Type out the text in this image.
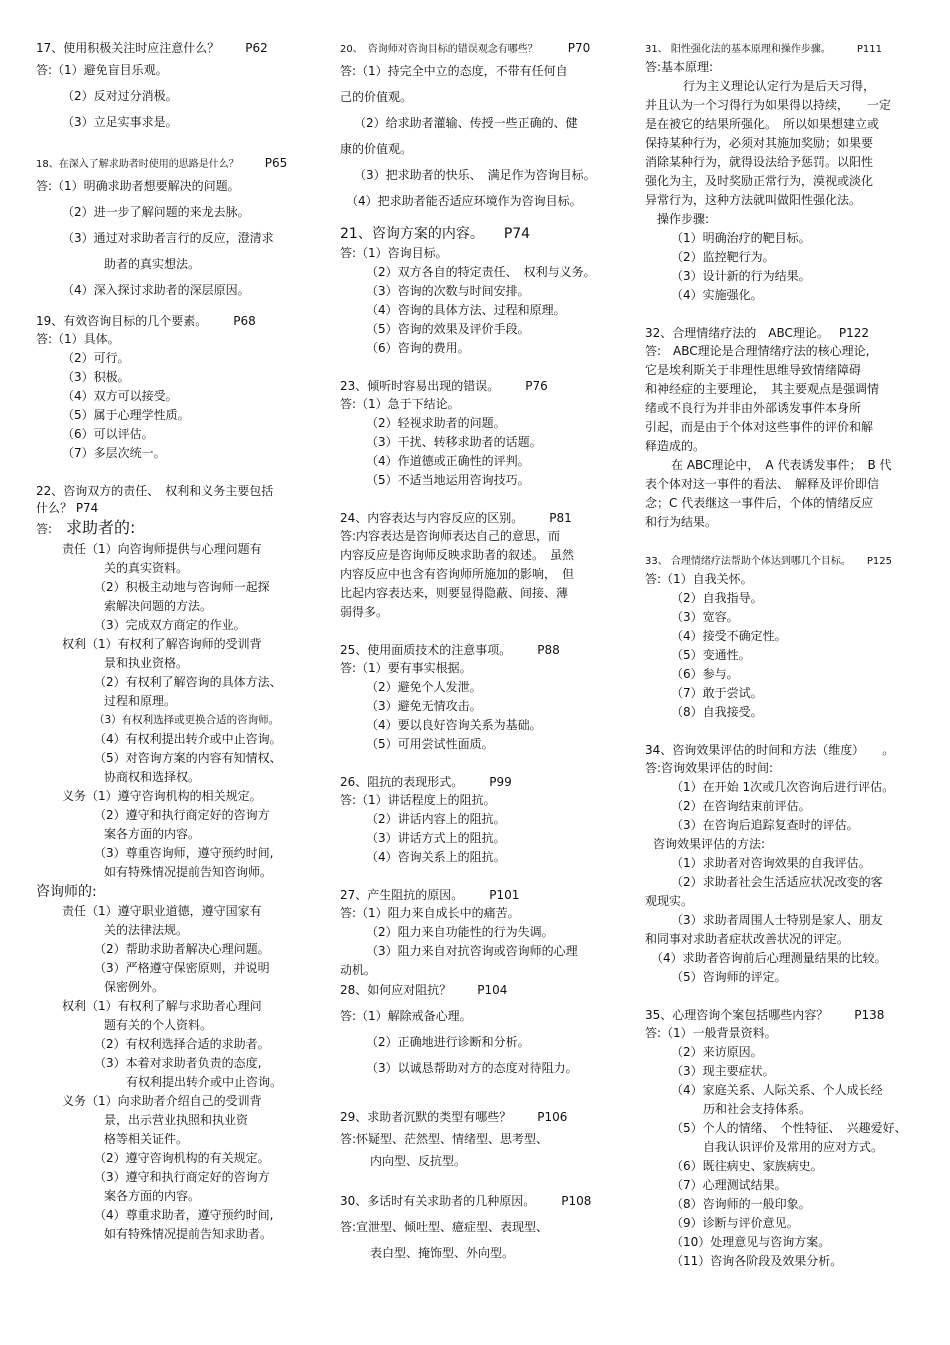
17、使用积极关注时应注意什么？ P62

答:（1）避免盲目乐观。

（2）反对过分消极。

（3）立足实事求是。

18、在深入了解求助者时使用的思路是什么？ P65

答:（1）明确求助者想要解决的问题。

（2）进一步了解问题的来龙去脉。

（3）通过对求助者言行的反应，澄清求

助者的真实想法。

（4）深入探讨求助者的深层原因。

19、有效咨询目标的几个要素。 P68

答:（1）具体。

（2）可行。

（3）积极。

（4）双方可以接受。

（5）属于心理学性质。

（6）可以评估。

（7）多层次统一。

22、咨询双方的责任、　权利和义务主要包括

什么？ P74

答: 求助者的:

责任（1）向咨询师提供与心理问题有

关的真实资料。

（2）积极主动地与咨询师一起探

索解决问题的方法。

（3）完成双方商定的作业。

权利（1）有权利了解咨询师的受训背

景和执业资格。

（2）有权利了解咨询的具体方法、

过程和原理。

（3）有权利选择或更换合适的咨询师。

（4）有权利提出转介或中止咨询。

（5）对咨询方案的内容有知情权、

协商权和选择权。

义务（1）遵守咨询机构的相关规定。

（2）遵守和执行商定好的咨询方

案各方面的内容。

（3）尊重咨询师，遵守预约时间,

如有特殊情况提前告知咨询师。

咨询师的:

责任（1）遵守职业道德，遵守国家有

关的法律法规。

（2）帮助求助者解决心理问题。

（3）严格遵守保密原则，并说明

保密例外。

权利（1）有权利了解与求助者心理问

题有关的个人资料。

（2）有权利选择合适的求助者。

（3）本着对求助者负责的态度,

有权利提出转介或中止咨询。

义务（1）向求助者介绍自己的受训背

景，出示营业执照和执业资

格等相关证件。

（2）遵守咨询机构的有关规定。

（3）遵守和执行商定好的咨询方

案各方面的内容。

（4）尊重求助者，遵守预约时间,

如有特殊情况提前告知求助者。

20、　咨询师对咨询目标的错误观念有哪些？	P70

答:（1）持完全中立的态度，不带有任何自

己的价值观。

（2）给求助者灌输、传授一些正确的、健

康的价值观。

（3）把求助者的快乐、　满足作为咨询目标。

（4）把求助者能否适应环境作为咨询目标。

21、咨询方案的内容。 P74

答:（1）咨询目标。

（2）双方各自的特定责任、　权利与义务。

（3）咨询的次数与时间安排。

（4）咨询的具体方法、过程和原理。

（5）咨询的效果及评价手段。

（6）咨询的费用。

23、倾听时容易出现的错误。 P76

答:（1）急于下结论。

（2）轻视求助者的问题。

（3）干扰、转移求助者的话题。

（4）作道德或正确性的评判。

（5）不适当地运用咨询技巧。

24、内容表达与内容反应的区别。 P81

答:内容表达是咨询师表达自己的意思，而

内容反应是咨询师反映求助者的叙述。　虽然

内容反应中也含有咨询师所施加的影响，　但

比起内容表达来，则要显得隐蔽、间接、薄

弱得多。

25、使用面质技术的注意事项。 P88

答:（1）要有事实根据。

（2）避免个人发泄。

（3）避免无情攻击。

（4）要以良好咨询关系为基础。

（5）可用尝试性面质。

26、阻抗的表现形式。 P99

答:（1）讲话程度上的阻抗。

（2）讲话内容上的阻抗。

（3）讲话方式上的阻抗。

（4）咨询关系上的阻抗。

27、产生阻抗的原因。 P101

答:（1）阻力来自成长中的痛苦。

（2）阻力来自功能性的行为失调。

（3）阻力来自对抗咨询或咨询师的心理

动机。

28、如何应对阻抗？ P104

答:（1）解除戒备心理。

（2）正确地进行诊断和分析。

（3）以诚恳帮助对方的态度对待阻力。

29、求助者沉默的类型有哪些？ P106

答:怀疑型、茫然型、情绪型、思考型、

内向型、反抗型。

30、多话时有关求助者的几种原因。 P108

答:宣泄型、倾吐型、癔症型、表现型、

表白型、掩饰型、外向型。

31、 阳性强化法的基本原理和操作步骤。	P111

答:基本原理:

行为主义理论认定行为是后天习得，

并且认为一个习得行为如果得以持续，　　一定

是在被它的结果所强化。　所以如果想建立或

保持某种行为，必须对其施加奖励；如果要

消除某种行为，就得设法给予惩罚。以阳性

强化为主，及时奖励正常行为，漠视或淡化

异常行为，这种方法就叫做阳性强化法。

操作步骤:

（1）明确治疗的靶目标。

（2）监控靶行为。

（3）设计新的行为结果。

（4）实施强化。

32、合理情绪疗法的　ABC理论。 P122

答:　ABC理论是合理情绪疗法的核心理论,

它是埃利斯关于非理性思维导致情绪障碍

和神经症的主要理论，　其主要观点是强调情

绪或不良行为并非由外部诱发事件本身所

引起，而是由于个体对这些事件的评价和解

释造成的。

在 ABC理论中，　A 代表诱发事件；　B 代

表个体对这一事件的看法、　解释及评价即信

念；C 代表继这一事件后，个体的情绪反应

和行为结果。

33、 合理情绪疗法帮助个体达到哪几个目标。 P125

答:（1）自我关怀。

（2）自我指导。

（3）宽容。

（4）接受不确定性。

（5）变通性。

（6）参与。

（7）敢于尝试。

（8）自我接受。

34、咨询效果评估的时间和方法（维度）　　。

答:咨询效果评估的时间:

（1）在开始 1次或几次咨询后进行评估。

（2）在咨询结束前评估。

（3）在咨询后追踪复查时的评估。

咨询效果评估的方法:

（1）求助者对咨询效果的自我评估。

（2）求助者社会生活适应状况改变的客

观现实。

（3）求助者周围人士特别是家人、朋友

和同事对求助者症状改善状况的评定。

（4）求助者咨询前后心理测量结果的比较。

（5）咨询师的评定。

35、心理咨询个案包括哪些内容？ P138

答:（1）一般背景资料。

（2）来访原因。

（3）现主要症状。

（4）家庭关系、人际关系、个人成长经

历和社会支持体系。

（5）个人的情绪、　个性特征、　兴趣爱好、

自我认识评价及常用的应对方式。

（6）既往病史、家族病史。

（7）心理测试结果。

（8）咨询师的一般印象。

（9）诊断与评价意见。

（10）处理意见与咨询方案。

（11）咨询各阶段及效果分析。
